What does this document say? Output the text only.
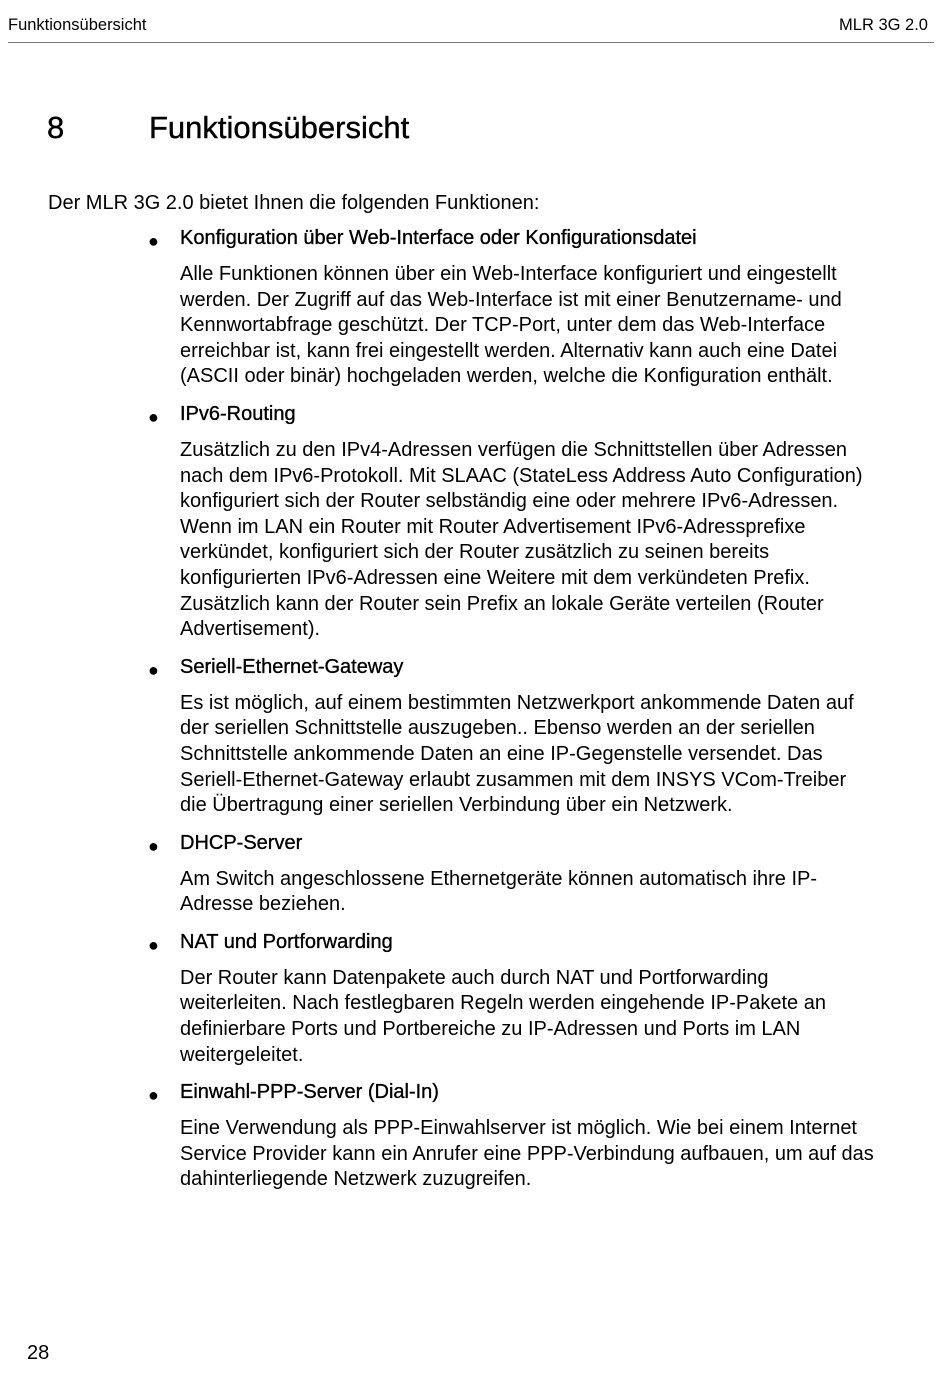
Funktionsübersicht	MLR 3G 2.0
8	Funktionsübersicht

Der MLR 3G 2.0 bietet Ihnen die folgenden Funktionen:

● Konfiguration über Web-Interface oder Konfigurationsdatei
Alle Funktionen können über ein Web-Interface konfiguriert und eingestellt werden. Der Zugriff auf das Web-Interface ist mit einer Benutzername- und Kennwortabfrage geschützt. Der TCP-Port, unter dem das Web-Interface erreichbar ist, kann frei eingestellt werden. Alternativ kann auch eine Datei (ASCII oder binär) hochgeladen werden, welche die Konfiguration enthält.
● IPv6-Routing
Zusätzlich zu den IPv4-Adressen verfügen die Schnittstellen über Adressen nach dem IPv6-Protokoll. Mit SLAAC (StateLess Address Auto Configuration) konfiguriert sich der Router selbständig eine oder mehrere IPv6-Adressen. Wenn im LAN ein Router mit Router Advertisement IPv6-Adressprefixe verkündet, konfiguriert sich der Router zusätzlich zu seinen bereits konfigurierten IPv6-Adressen eine Weitere mit dem verkündeten Prefix. Zusätzlich kann der Router sein Prefix an lokale Geräte verteilen (Router Advertisement).
● Seriell-Ethernet-Gateway
Es ist möglich, auf einem bestimmten Netzwerkport ankommende Daten auf der seriellen Schnittstelle auszugeben.. Ebenso werden an der seriellen Schnittstelle ankommende Daten an eine IP-Gegenstelle versendet. Das Seriell-Ethernet-Gateway erlaubt zusammen mit dem INSYS VCom-Treiber die Übertragung einer seriellen Verbindung über ein Netzwerk.
● DHCP-Server
Am Switch angeschlossene Ethernetgeräte können automatisch ihre IP-Adresse beziehen.
● NAT und Portforwarding
Der Router kann Datenpakete auch durch NAT und Portforwarding weiterleiten. Nach festlegbaren Regeln werden eingehende IP-Pakete an definierbare Ports und Portbereiche zu IP-Adressen und Ports im LAN weitergeleitet.
● Einwahl-PPP-Server (Dial-In)
Eine Verwendung als PPP-Einwahlserver ist möglich. Wie bei einem Internet Service Provider kann ein Anrufer eine PPP-Verbindung aufbauen, um auf das dahinterliegende Netzwerk zuzugreifen.
28
